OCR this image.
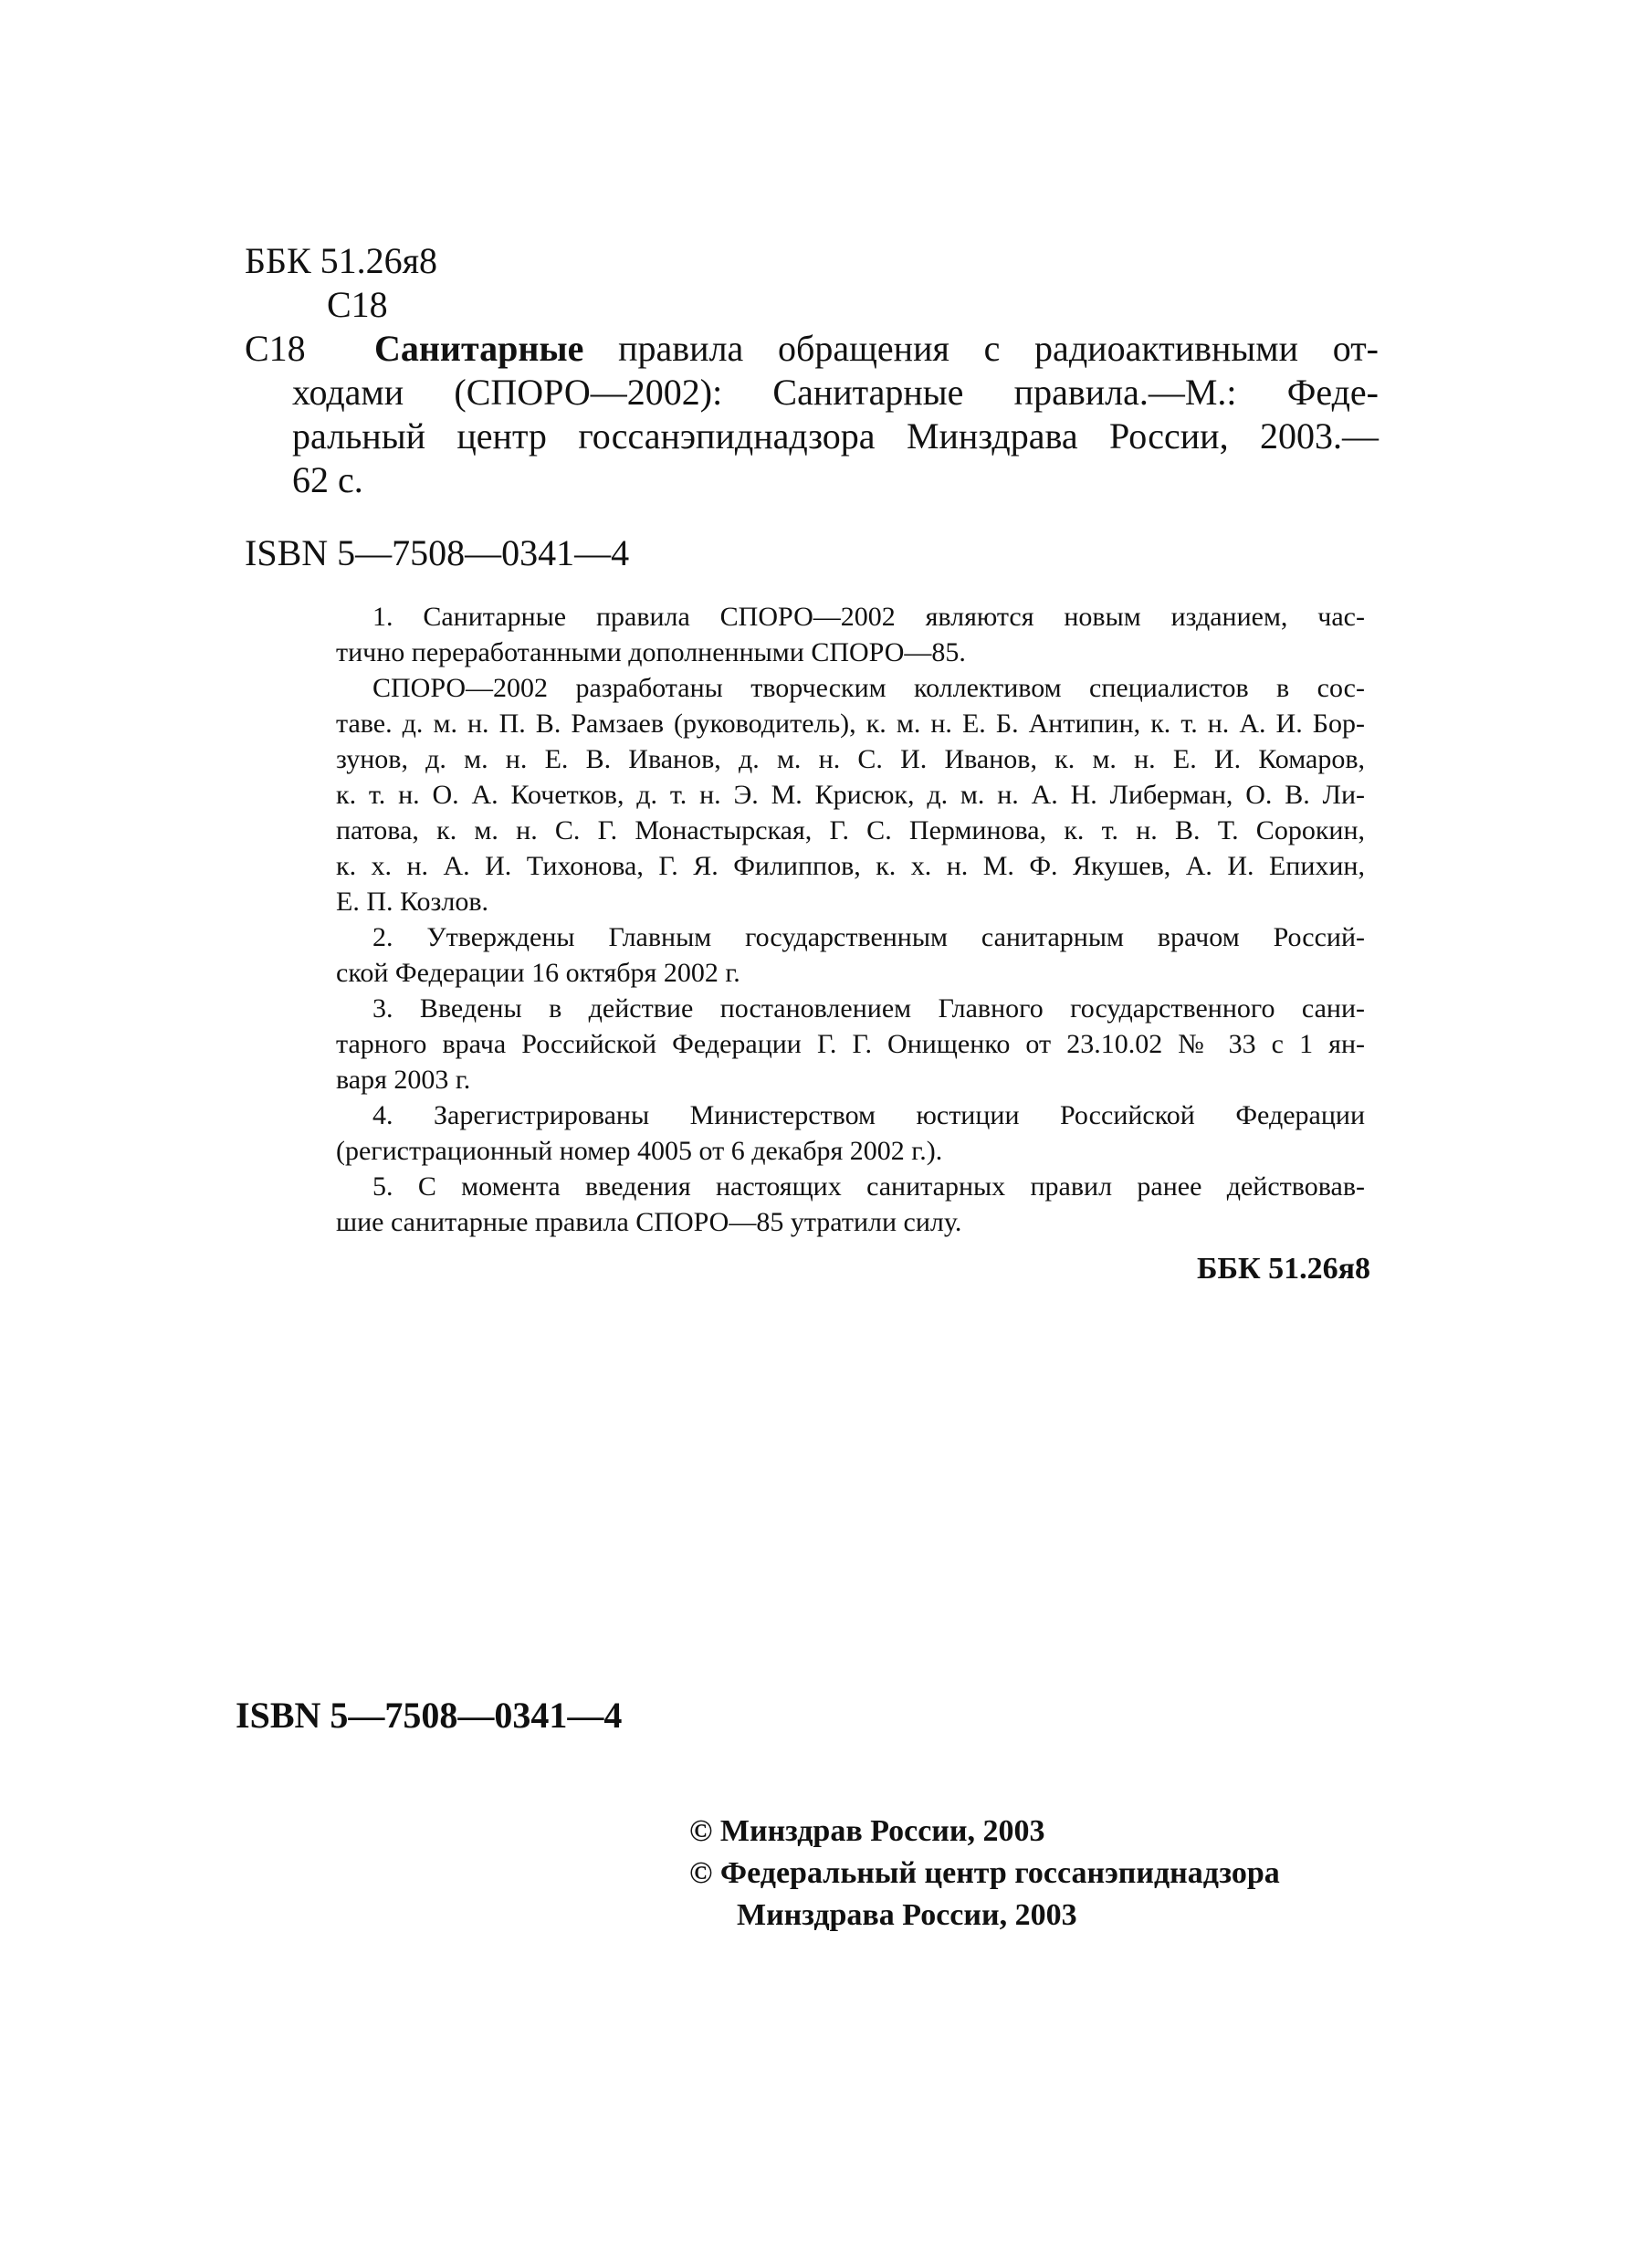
ББК 51.26я8
С18
С18	Санитарные правила обращения с радиоактивными от-
ходами (СПОРО—2002): Санитарные правила.—М.: Феде-
ральный центр госсанэпиднадзора Минздрава России, 2003.—
62 с.
ISBN 5—7508—0341—4
1. Санитарные правила СПОРО—2002 являются новым изданием, час-
тично переработанными дополненными СПОРО—85.
СПОРО—2002 разработаны творческим коллективом специалистов в сос-
таве. д. м. н. П. В. Рамзаев (руководитель), к. м. н. Е. Б. Антипин, к. т. н. А. И. Бор-
зунов, д. м. н. Е. В. Иванов, д. м. н. С. И. Иванов, к. м. н. Е. И. Комаров,
к. т. н. О. А. Кочетков, д. т. н. Э. М. Крисюк, д. м. н. А. Н. Либерман, О. В. Ли-
патова, к. м. н. С. Г. Монастырская, Г. С. Перминова, к. т. н. В. Т. Сорокин,
к. х. н. А. И. Тихонова, Г. Я. Филиппов, к. х. н. М. Ф. Якушев, А. И. Епихин,
Е. П. Козлов.
2. Утверждены Главным государственным санитарным врачом Россий-
ской Федерации 16 октября 2002 г.
3. Введены в действие постановлением Главного государственного сани-
тарного врача Российской Федерации Г. Г. Онищенко от 23.10.02 № 33 с 1 ян-
варя 2003 г.
4. Зарегистрированы Министерством юстиции Российской Федерации
(регистрационный номер 4005 от 6 декабря 2002 г.).
5. С момента введения настоящих санитарных правил ранее действовав-
шие санитарные правила СПОРО—85 утратили силу.
ББК 51.26я8
ISBN 5—7508—0341—4
© Минздрав России, 2003
© Федеральный центр госсанэпиднадзора
Минздрава России, 2003
